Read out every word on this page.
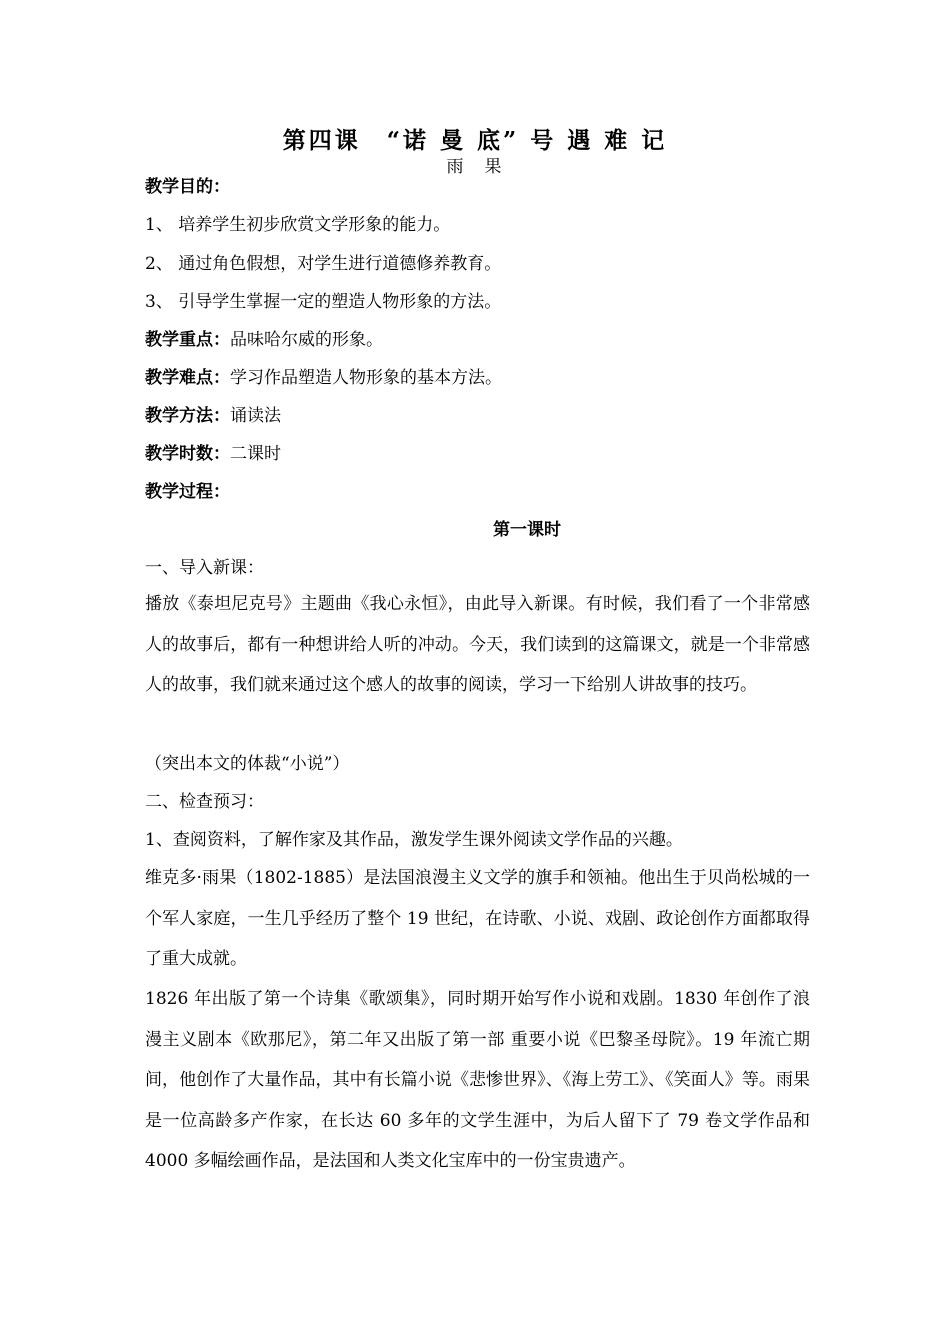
第四课　“诺 曼 底” 号 遇 难 记
雨　果
教学目的：
1、 培养学生初步欣赏文学形象的能力。
2、 通过角色假想，对学生进行道德修养教育。
3、 引导学生掌握一定的塑造人物形象的方法。
教学重点：品味哈尔威的形象。
教学难点：学习作品塑造人物形象的基本方法。
教学方法：诵读法
教学时数：二课时
教学过程：
第一课时
一、导入新课：
播放《泰坦尼克号》主题曲《我心永恒》，由此导入新课。有时候，我们看了一个非常感人的故事后，都有一种想讲给人听的冲动。今天，我们读到的这篇课文，就是一个非常感人的故事，我们就来通过这个感人的故事的阅读，学习一下给别人讲故事的技巧。
（突出本文的体裁“小说”）
二、检查预习：
1、查阅资料，了解作家及其作品，激发学生课外阅读文学作品的兴趣。
维克多·雨果（1802-1885）是法国浪漫主义文学的旗手和领袖。他出生于贝尚松城的一个军人家庭，一生几乎经历了整个 19 世纪，在诗歌、小说、戏剧、政论创作方面都取得了重大成就。
1826 年出版了第一个诗集《歌颂集》，同时期开始写作小说和戏剧。1830 年创作了浪漫主义剧本《欧那尼》，第二年又出版了第一部 重要小说《巴黎圣母院》。19 年流亡期间，他创作了大量作品，其中有长篇小说《悲惨世界》、《海上劳工》、《笑面人》等。雨果是一位高龄多产作家，在长达 60 多年的文学生涯中，为后人留下了 79 卷文学作品和 4000 多幅绘画作品，是法国和人类文化宝库中的一份宝贵遗产。
